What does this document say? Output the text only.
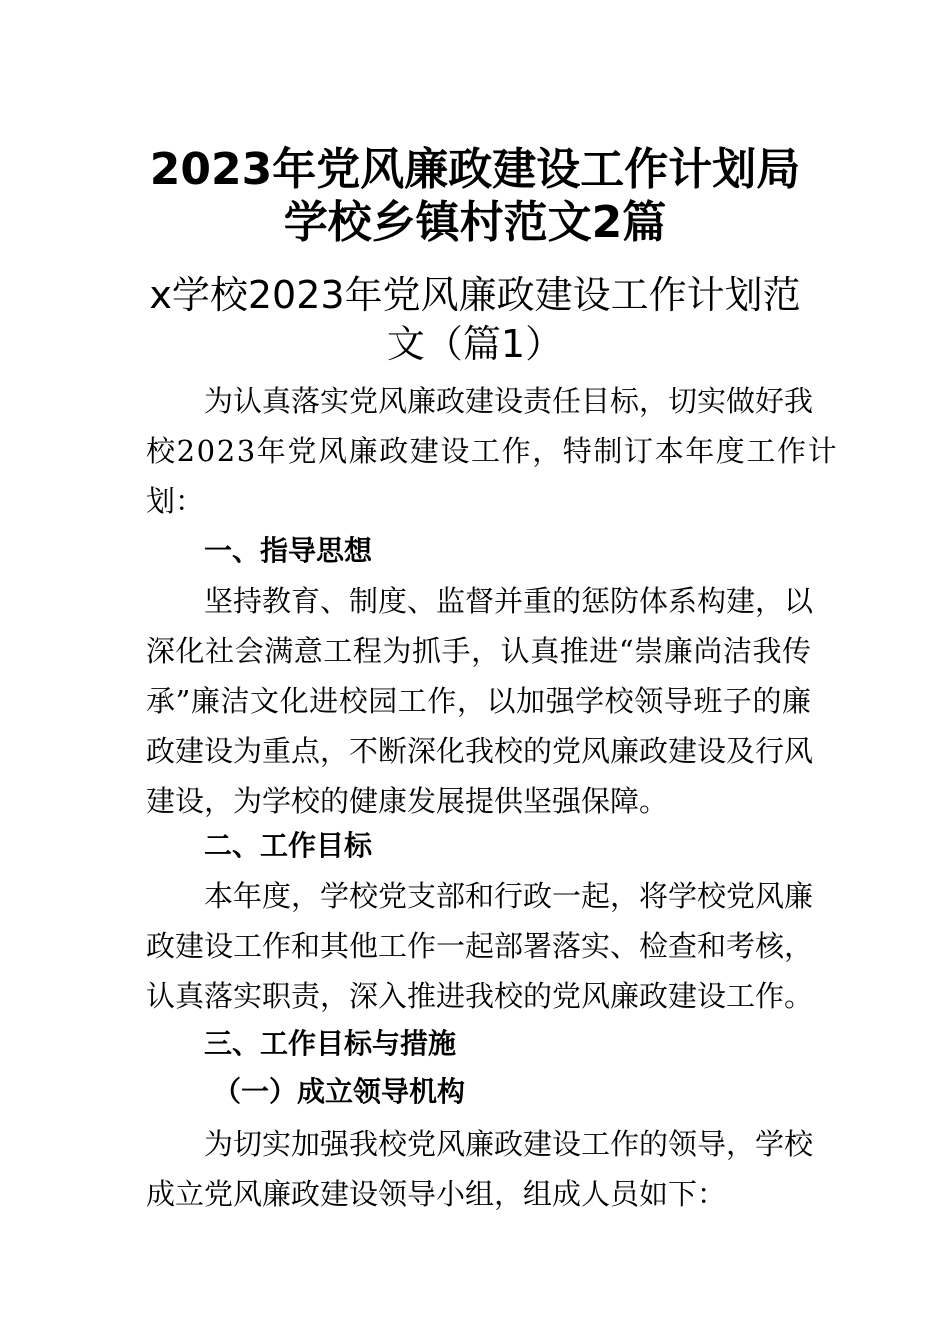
2023年党风廉政建设工作计划局
学校乡镇村范文2篇
x学校2023年党风廉政建设工作计划范
文（篇1）

为认真落实党风廉政建设责任目标，切实做好我

校2023年党风廉政建设工作，特制订本年度工作计

划：

一、指导思想

坚持教育、制度、监督并重的惩防体系构建，以

深化社会满意工程为抓手，认真推进“崇廉尚洁我传

承”廉洁文化进校园工作，以加强学校领导班子的廉

政建设为重点，不断深化我校的党风廉政建设及行风

建设，为学校的健康发展提供坚强保障。

二、工作目标

本年度，学校党支部和行政一起，将学校党风廉

政建设工作和其他工作一起部署落实、检查和考核，

认真落实职责，深入推进我校的党风廉政建设工作。

三、工作目标与措施
（一）成立领导机构

为切实加强我校党风廉政建设工作的领导，学校

成立党风廉政建设领导小组，组成人员如下：
